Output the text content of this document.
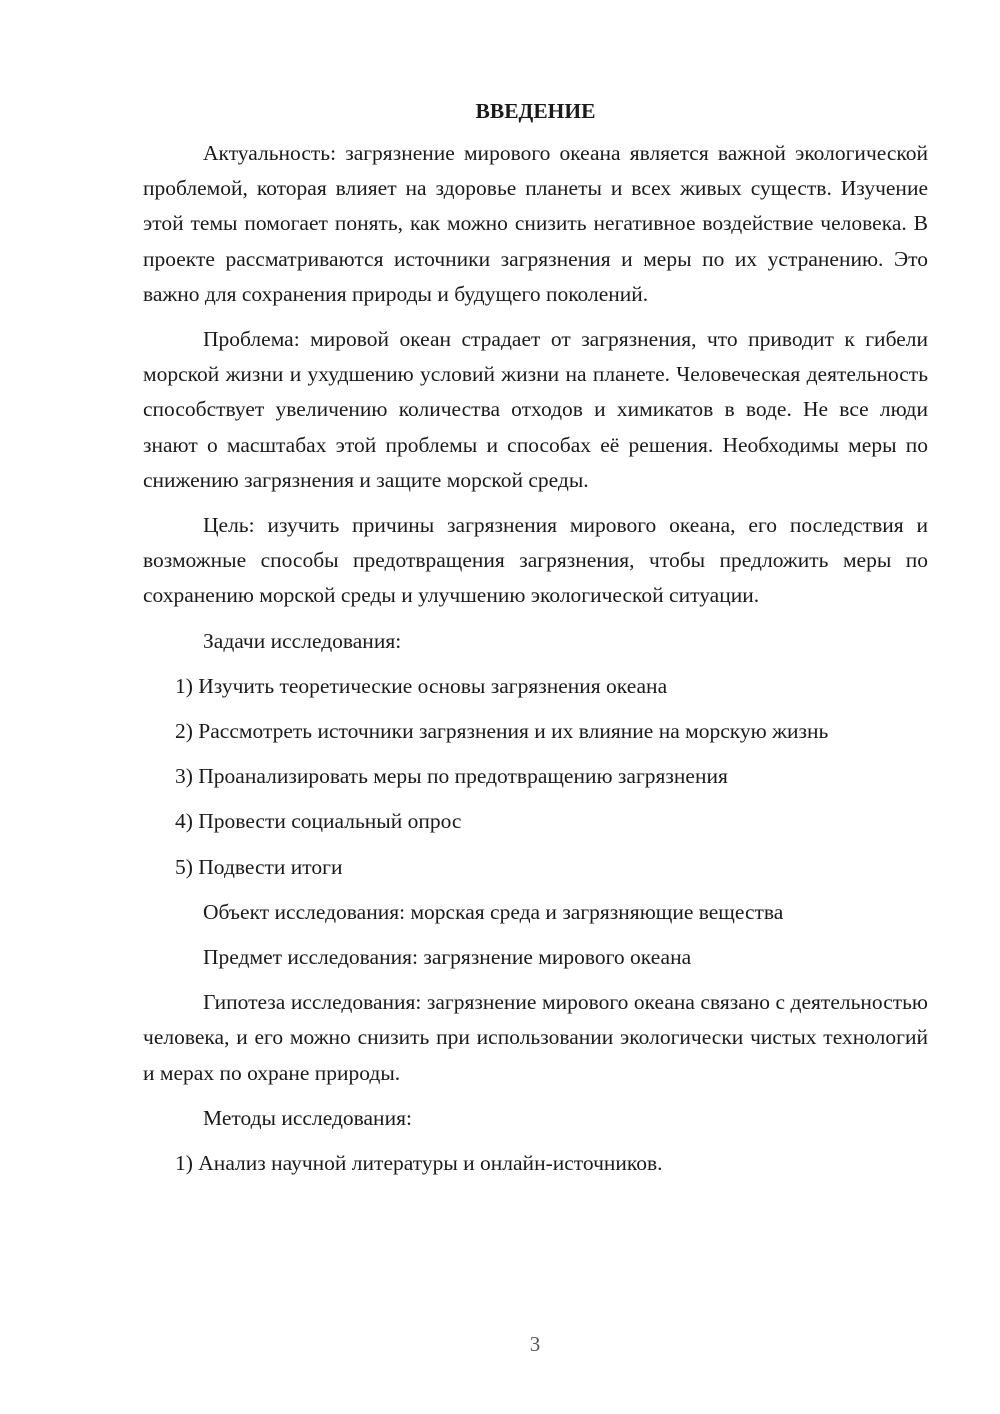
ВВЕДЕНИЕ

Актуальность: загрязнение мирового океана является важной экологической проблемой, которая влияет на здоровье планеты и всех живых существ. Изучение этой темы помогает понять, как можно снизить негативное воздействие человека. В проекте рассматриваются источники загрязнения и меры по их устранению. Это важно для сохранения природы и будущего поколений.

Проблема: мировой океан страдает от загрязнения, что приводит к гибели морской жизни и ухудшению условий жизни на планете. Человеческая деятельность способствует увеличению количества отходов и химикатов в воде. Не все люди знают о масштабах этой проблемы и способах её решения. Необходимы меры по снижению загрязнения и защите морской среды.

Цель: изучить причины загрязнения мирового океана, его последствия и возможные способы предотвращения загрязнения, чтобы предложить меры по сохранению морской среды и улучшению экологической ситуации.

Задачи исследования:

1) Изучить теоретические основы загрязнения океана

2) Рассмотреть источники загрязнения и их влияние на морскую жизнь

3) Проанализировать меры по предотвращению загрязнения

4) Провести социальный опрос

5) Подвести итоги

Объект исследования: морская среда и загрязняющие вещества

Предмет исследования: загрязнение мирового океана

Гипотеза исследования: загрязнение мирового океана связано с деятельностью человека, и его можно снизить при использовании экологически чистых технологий и мерах по охране природы.

Методы исследования:

1) Анализ научной литературы и онлайн-источников.

3
